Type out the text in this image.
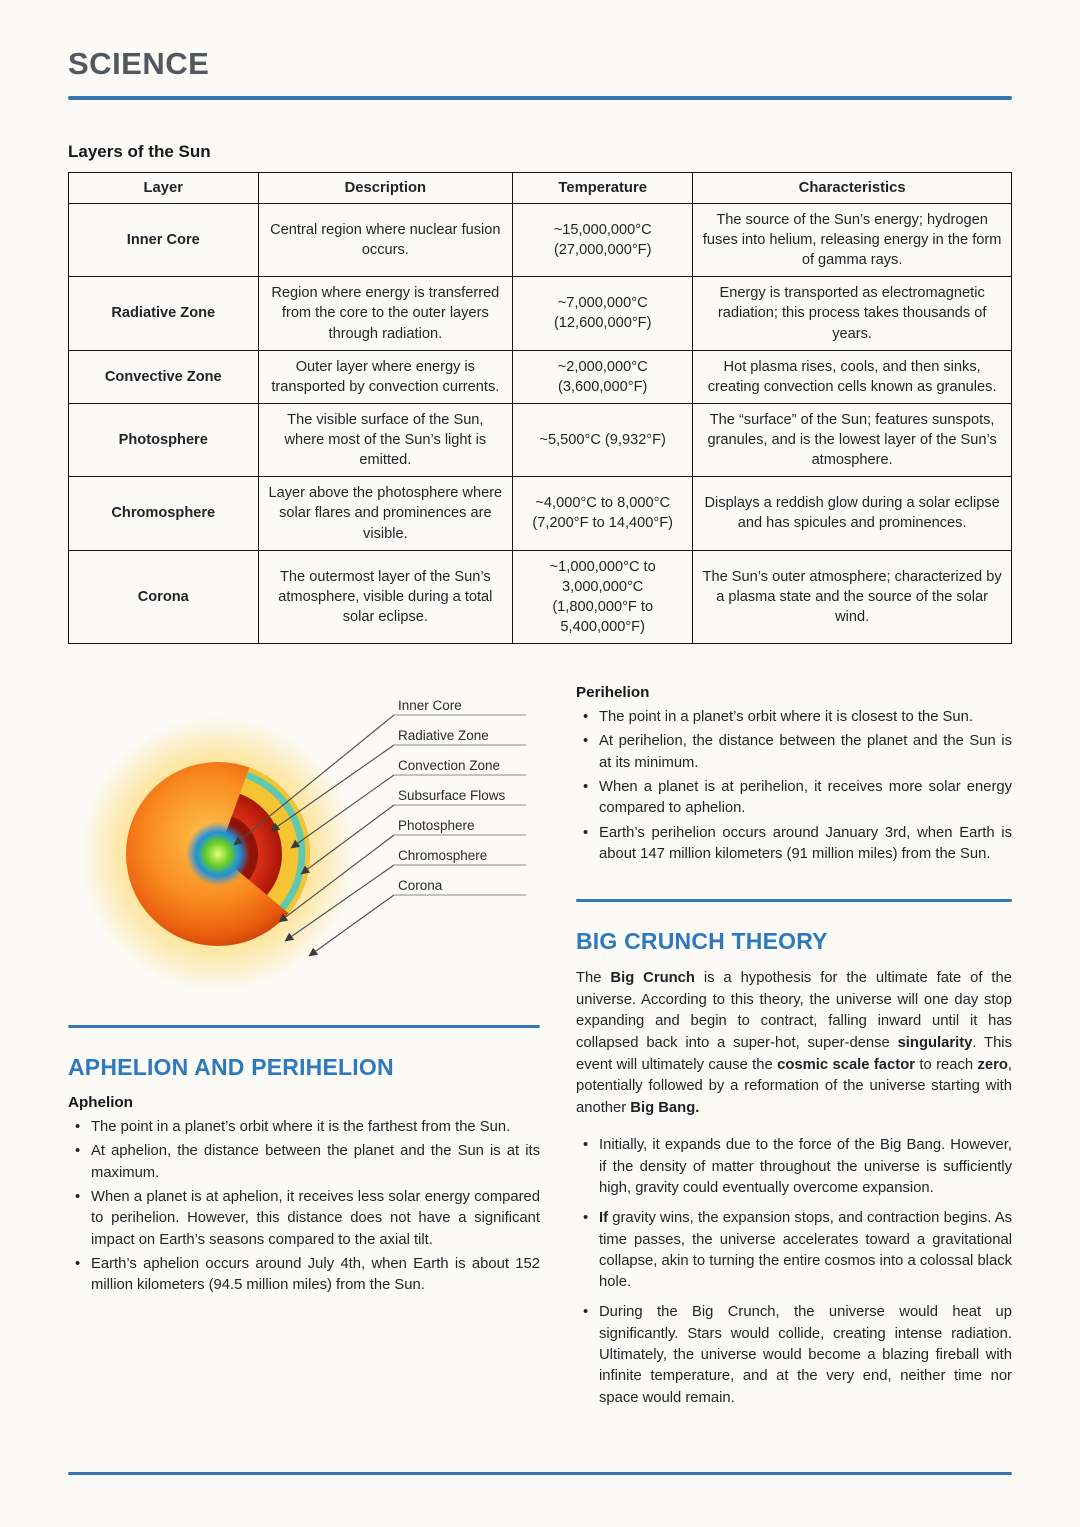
SCIENCE
Layers of the Sun
Layer	Description	Temperature	Characteristics
Inner Core	Central region where nuclear fusion occurs.	~15,000,000°C (27,000,000°F)	The source of the Sun’s energy; hydrogen fuses into helium, releasing energy in the form of gamma rays.
Radiative Zone	Region where energy is transferred from the core to the outer layers through radiation.	~7,000,000°C (12,600,000°F)	Energy is transported as electromagnetic radiation; this process takes thousands of years.
Convective Zone	Outer layer where energy is transported by convection currents.	~2,000,000°C (3,600,000°F)	Hot plasma rises, cools, and then sinks, creating convection cells known as granules.
Photosphere	The visible surface of the Sun, where most of the Sun’s light is emitted.	~5,500°C (9,932°F)	The “surface” of the Sun; features sunspots, granules, and is the lowest layer of the Sun’s atmosphere.
Chromosphere	Layer above the photosphere where solar flares and prominences are visible.	~4,000°C to 8,000°C (7,200°F to 14,400°F)	Displays a reddish glow during a solar eclipse and has spicules and prominences.
Corona	The outermost layer of the Sun’s atmosphere, visible during a total solar eclipse.	~1,000,000°C to 3,000,000°C (1,800,000°F to 5,400,000°F)	The Sun’s outer atmosphere; characterized by a plasma state and the source of the solar wind.
Inner Core
Radiative Zone
Convection Zone
Subsurface Flows
Photosphere
Chromosphere
Corona
APHELION AND PERIHELION
Aphelion
• The point in a planet’s orbit where it is the farthest from the Sun.
• At aphelion, the distance between the planet and the Sun is at its maximum.
• When a planet is at aphelion, it receives less solar energy compared to perihelion. However, this distance does not have a significant impact on Earth’s seasons compared to the axial tilt.
• Earth’s aphelion occurs around July 4th, when Earth is about 152 million kilometers (94.5 million miles) from the Sun.
Perihelion
• The point in a planet’s orbit where it is closest to the Sun.
• At perihelion, the distance between the planet and the Sun is at its minimum.
• When a planet is at perihelion, it receives more solar energy compared to aphelion.
• Earth’s perihelion occurs around January 3rd, when Earth is about 147 million kilometers (91 million miles) from the Sun.
BIG CRUNCH THEORY

The Big Crunch is a hypothesis for the ultimate fate of the universe. According to this theory, the universe will one day stop expanding and begin to contract, falling inward until it has collapsed back into a super-hot, super-dense singularity. This event will ultimately cause the cosmic scale factor to reach zero, potentially followed by a reformation of the universe starting with another Big Bang.

• Initially, it expands due to the force of the Big Bang. However, if the density of matter throughout the universe is sufficiently high, gravity could eventually overcome expansion.
• If gravity wins, the expansion stops, and contraction begins. As time passes, the universe accelerates toward a gravitational collapse, akin to turning the entire cosmos into a colossal black hole.
• During the Big Crunch, the universe would heat up significantly. Stars would collide, creating intense radiation. Ultimately, the universe would become a blazing fireball with infinite temperature, and at the very end, neither time nor space would remain.
